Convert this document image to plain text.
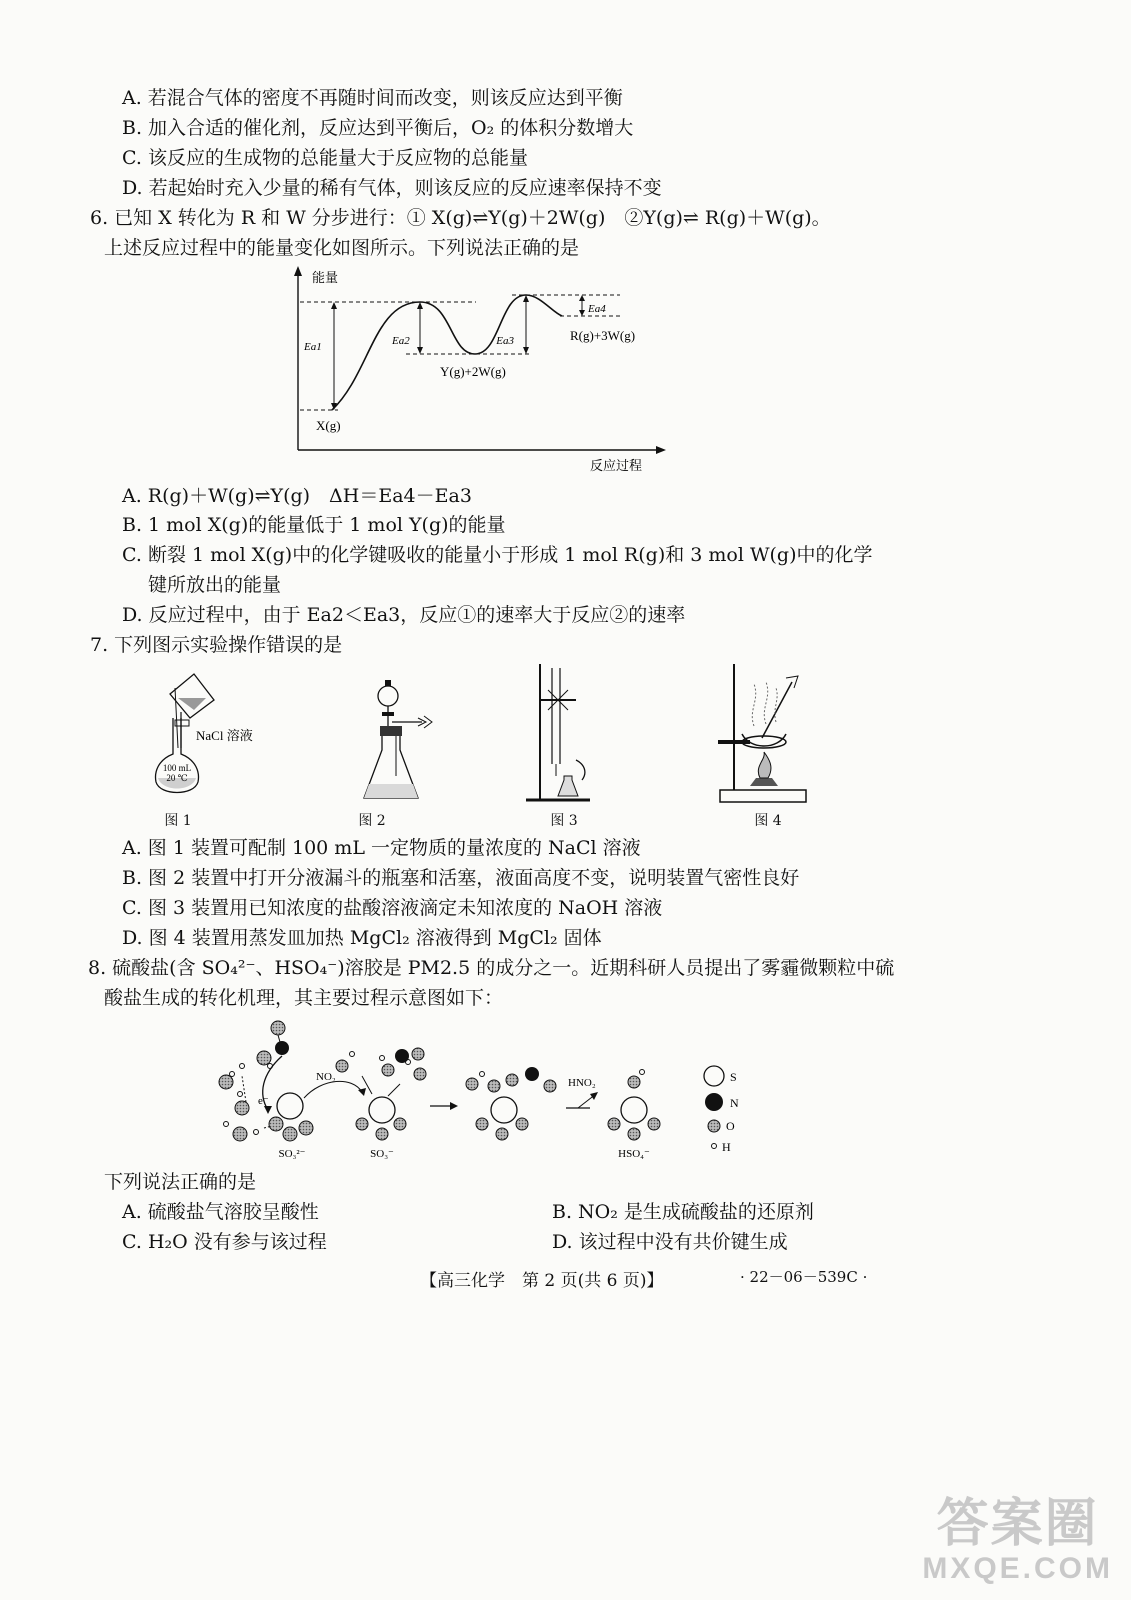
A. 若混合气体的密度不再随时间而改变，则该反应达到平衡
B. 加入合适的催化剂，反应达到平衡后，O₂ 的体积分数增大
C. 该反应的生成物的总能量大于反应物的总能量
D. 若起始时充入少量的稀有气体，则该反应的反应速率保持不变
6. 已知 X 转化为 R 和 W 分步进行：① X(g)⇌Y(g)＋2W(g)　②Y(g)⇌ R(g)＋W(g)。
上述反应过程中的能量变化如图所示。下列说法正确的是
能量
反应过程
Ea1	Ea2	Ea3
Ea4
X(g)
Y(g)+2W(g)
R(g)+3W(g)
A. R(g)＋W(g)⇌Y(g)　ΔH＝Ea4－Ea3
B. 1 mol X(g)的能量低于 1 mol Y(g)的能量
C. 断裂 1 mol X(g)中的化学键吸收的能量小于形成 1 mol R(g)和 3 mol W(g)中的化学
键所放出的能量
D. 反应过程中，由于 Ea2＜Ea3，反应①的速率大于反应②的速率
7. 下列图示实验操作错误的是
100 mL
20 ℃
NaCl 溶液
图 1	图 2	图 3	图 4
A. 图 1 装置可配制 100 mL 一定物质的量浓度的 NaCl 溶液
B. 图 2 装置中打开分液漏斗的瓶塞和活塞，液面高度不变，说明装置气密性良好
C. 图 3 装置用已知浓度的盐酸溶液滴定未知浓度的 NaOH 溶液
D. 图 4 装置用蒸发皿加热 MgCl₂ 溶液得到 MgCl₂ 固体
8. 硫酸盐(含 SO₄²⁻、HSO₄⁻)溶胶是 PM2.5 的成分之一。近期科研人员提出了雾霾微颗粒中硫
酸盐生成的转化机理，其主要过程示意图如下：
e⁻
SO₃²⁻
NO₂
SO₃⁻
HNO₂
HSO₄⁻
S
N
O
H
下列说法正确的是
A. 硫酸盐气溶胶呈酸性	B. NO₂ 是生成硫酸盐的还原剂
C. H₂O 没有参与该过程	D. 该过程中没有共价键生成
【高三化学　第 2 页(共 6 页)】	· 22－06－539C ·
答案圈
MXQE.COM
